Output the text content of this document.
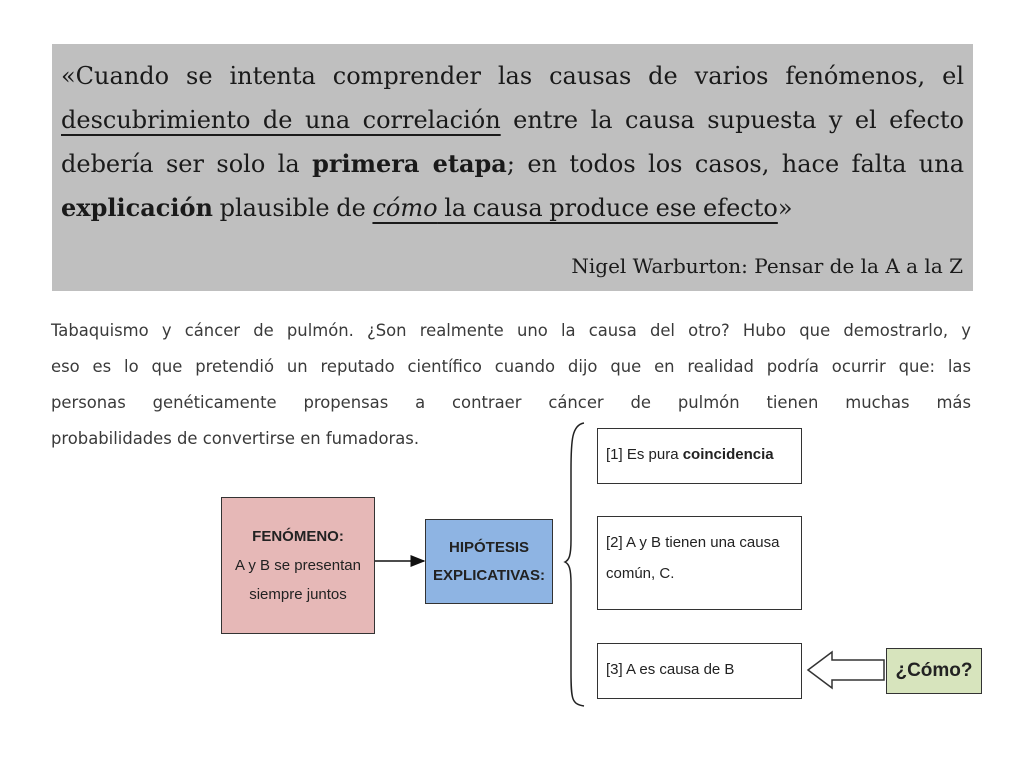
«Cuando se intenta comprender las causas de varios fenómenos, el
descubrimiento de una correlación entre la causa supuesta y el efecto
debería ser solo la primera etapa; en todos los casos, hace falta una
explicación plausible de cómo la causa produce ese efecto»
Nigel Warburton: Pensar de la A a la Z
Tabaquismo y cáncer de pulmón. ¿Son realmente uno la causa del otro? Hubo que demostrarlo, y
eso es lo que pretendió un reputado científico cuando dijo que en realidad podría ocurrir que: las
personas genéticamente propensas a contraer cáncer de pulmón tienen muchas más
probabilidades de convertirse en fumadoras.
FENÓMENO:
A y B se presentan
siempre juntos
HIPÓTESIS
EXPLICATIVAS:
[1] Es pura coincidencia
[2] A y B tienen una causa
común, C.
[3] A es causa de B	¿Cómo?
